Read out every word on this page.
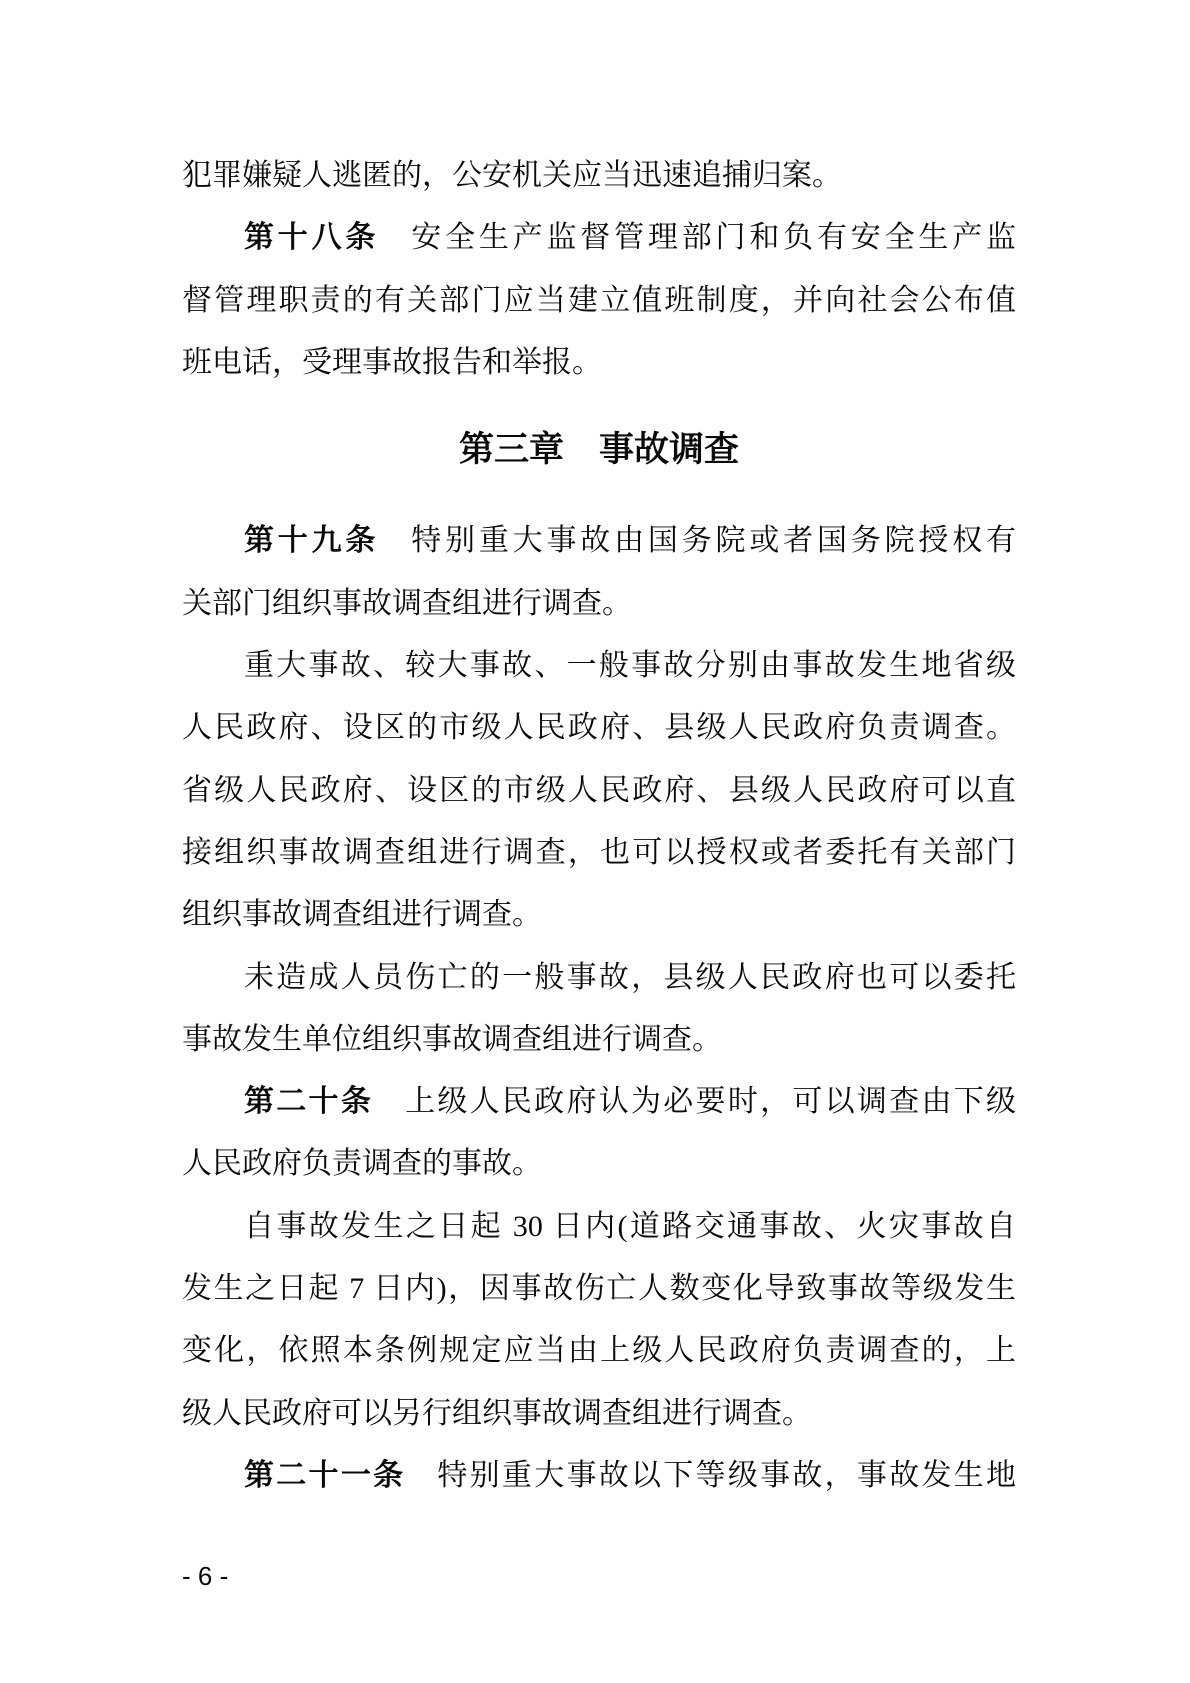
犯罪嫌疑人逃匿的，公安机关应当迅速追捕归案。
第十八条 安全生产监督管理部门和负有安全生产监
督管理职责的有关部门应当建立值班制度，并向社会公布值
班电话，受理事故报告和举报。
第三章　事故调查
第十九条 特别重大事故由国务院或者国务院授权有
关部门组织事故调查组进行调查。
重大事故、较大事故、一般事故分别由事故发生地省级
人民政府、设区的市级人民政府、县级人民政府负责调查。
省级人民政府、设区的市级人民政府、县级人民政府可以直
接组织事故调查组进行调查，也可以授权或者委托有关部门
组织事故调查组进行调查。
未造成人员伤亡的一般事故，县级人民政府也可以委托
事故发生单位组织事故调查组进行调查。
第二十条 上级人民政府认为必要时，可以调查由下级
人民政府负责调查的事故。
自事故发生之日起 30 日内(道路交通事故、火灾事故自
发生之日起 7 日内)，因事故伤亡人数变化导致事故等级发生
变化，依照本条例规定应当由上级人民政府负责调查的，上
级人民政府可以另行组织事故调查组进行调查。
第二十一条 特别重大事故以下等级事故，事故发生地
- 6 -
